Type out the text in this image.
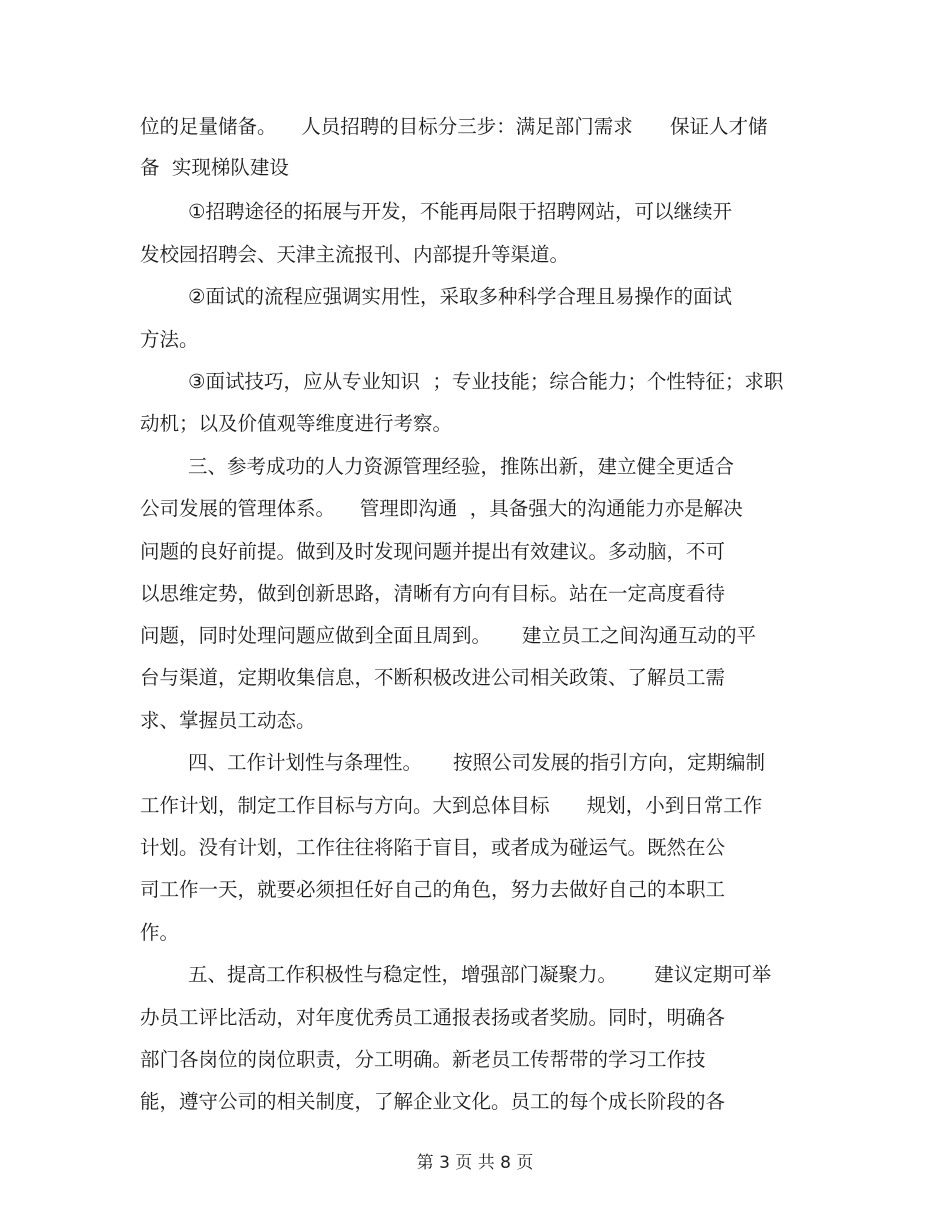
位的足量储备。    人员招聘的目标分三步：满足部门需求      保证人才储
备  实现梯队建设
①招聘途径的拓展与开发，不能再局限于招聘网站，可以继续开
发校园招聘会、天津主流报刊、内部提升等渠道。
②面试的流程应强调实用性，采取多种科学合理且易操作的面试
方法。
③面试技巧，应从专业知识  ；专业技能；综合能力；个性特征；求职
动机；以及价值观等维度进行考察。
三、参考成功的人力资源管理经验，推陈出新，建立健全更适合
公司发展的管理体系。    管理即沟通  ，具备强大的沟通能力亦是解决
问题的良好前提。做到及时发现问题并提出有效建议。多动脑，不可
以思维定势，做到创新思路，清晰有方向有目标。站在一定高度看待
问题，同时处理问题应做到全面且周到。     建立员工之间沟通互动的平
台与渠道，定期收集信息，不断积极改进公司相关政策、了解员工需
求、掌握员工动态。
四、工作计划性与条理性。     按照公司发展的指引方向，定期编制
工作计划，制定工作目标与方向。大到总体目标      规划，小到日常工作
计划。没有计划，工作往往将陷于盲目，或者成为碰运气。既然在公
司工作一天，就要必须担任好自己的角色，努力去做好自己的本职工
作。
五、提高工作积极性与稳定性，增强部门凝聚力。      建议定期可举
办员工评比活动，对年度优秀员工通报表扬或者奖励。同时，明确各
部门各岗位的岗位职责，分工明确。新老员工传帮带的学习工作技
能，遵守公司的相关制度，了解企业文化。员工的每个成长阶段的各
第 3 页 共 8 页
